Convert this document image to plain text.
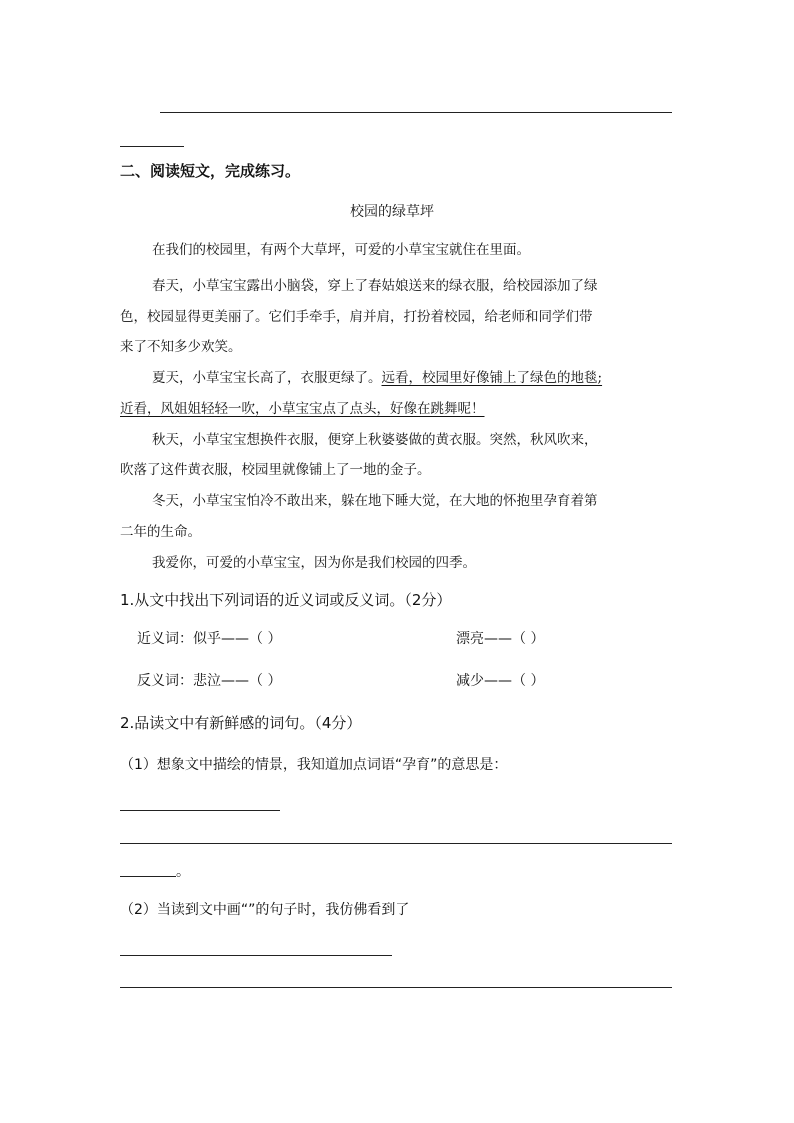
二、阅读短文，完成练习。
校园的绿草坪
在我们的校园里，有两个大草坪，可爱的小草宝宝就住在里面。
春天，小草宝宝露出小脑袋，穿上了春姑娘送来的绿衣服，给校园添加了绿
色，校园显得更美丽了。它们手牵手，肩并肩，打扮着校园，给老师和同学们带
来了不知多少欢笑。
夏天，小草宝宝长高了，衣服更绿了。远看，校园里好像铺上了绿色的地毯;
近看，风姐姐轻轻一吹，小草宝宝点了点头，好像在跳舞呢！
秋天，小草宝宝想换件衣服，便穿上秋婆婆做的黄衣服。突然，秋风吹来，
吹落了这件黄衣服，校园里就像铺上了一地的金子。
冬天，小草宝宝怕冷不敢出来，躲在地下睡大觉，在大地的怀抱里孕育着第
二年的生命。
我爱你，可爱的小草宝宝，因为你是我们校园的四季。
1.从文中找出下列词语的近义词或反义词。（2分）
近义词：似乎——（ ）	漂亮——（ ）
反义词：悲泣——（ ）	减少——（ ）
2.品读文中有新鲜感的词句。（4分）
（1）想象文中描绘的情景，我知道加点词语“孕育”的意思是：
。
（2）当读到文中画“”的句子时，我仿佛看到了
